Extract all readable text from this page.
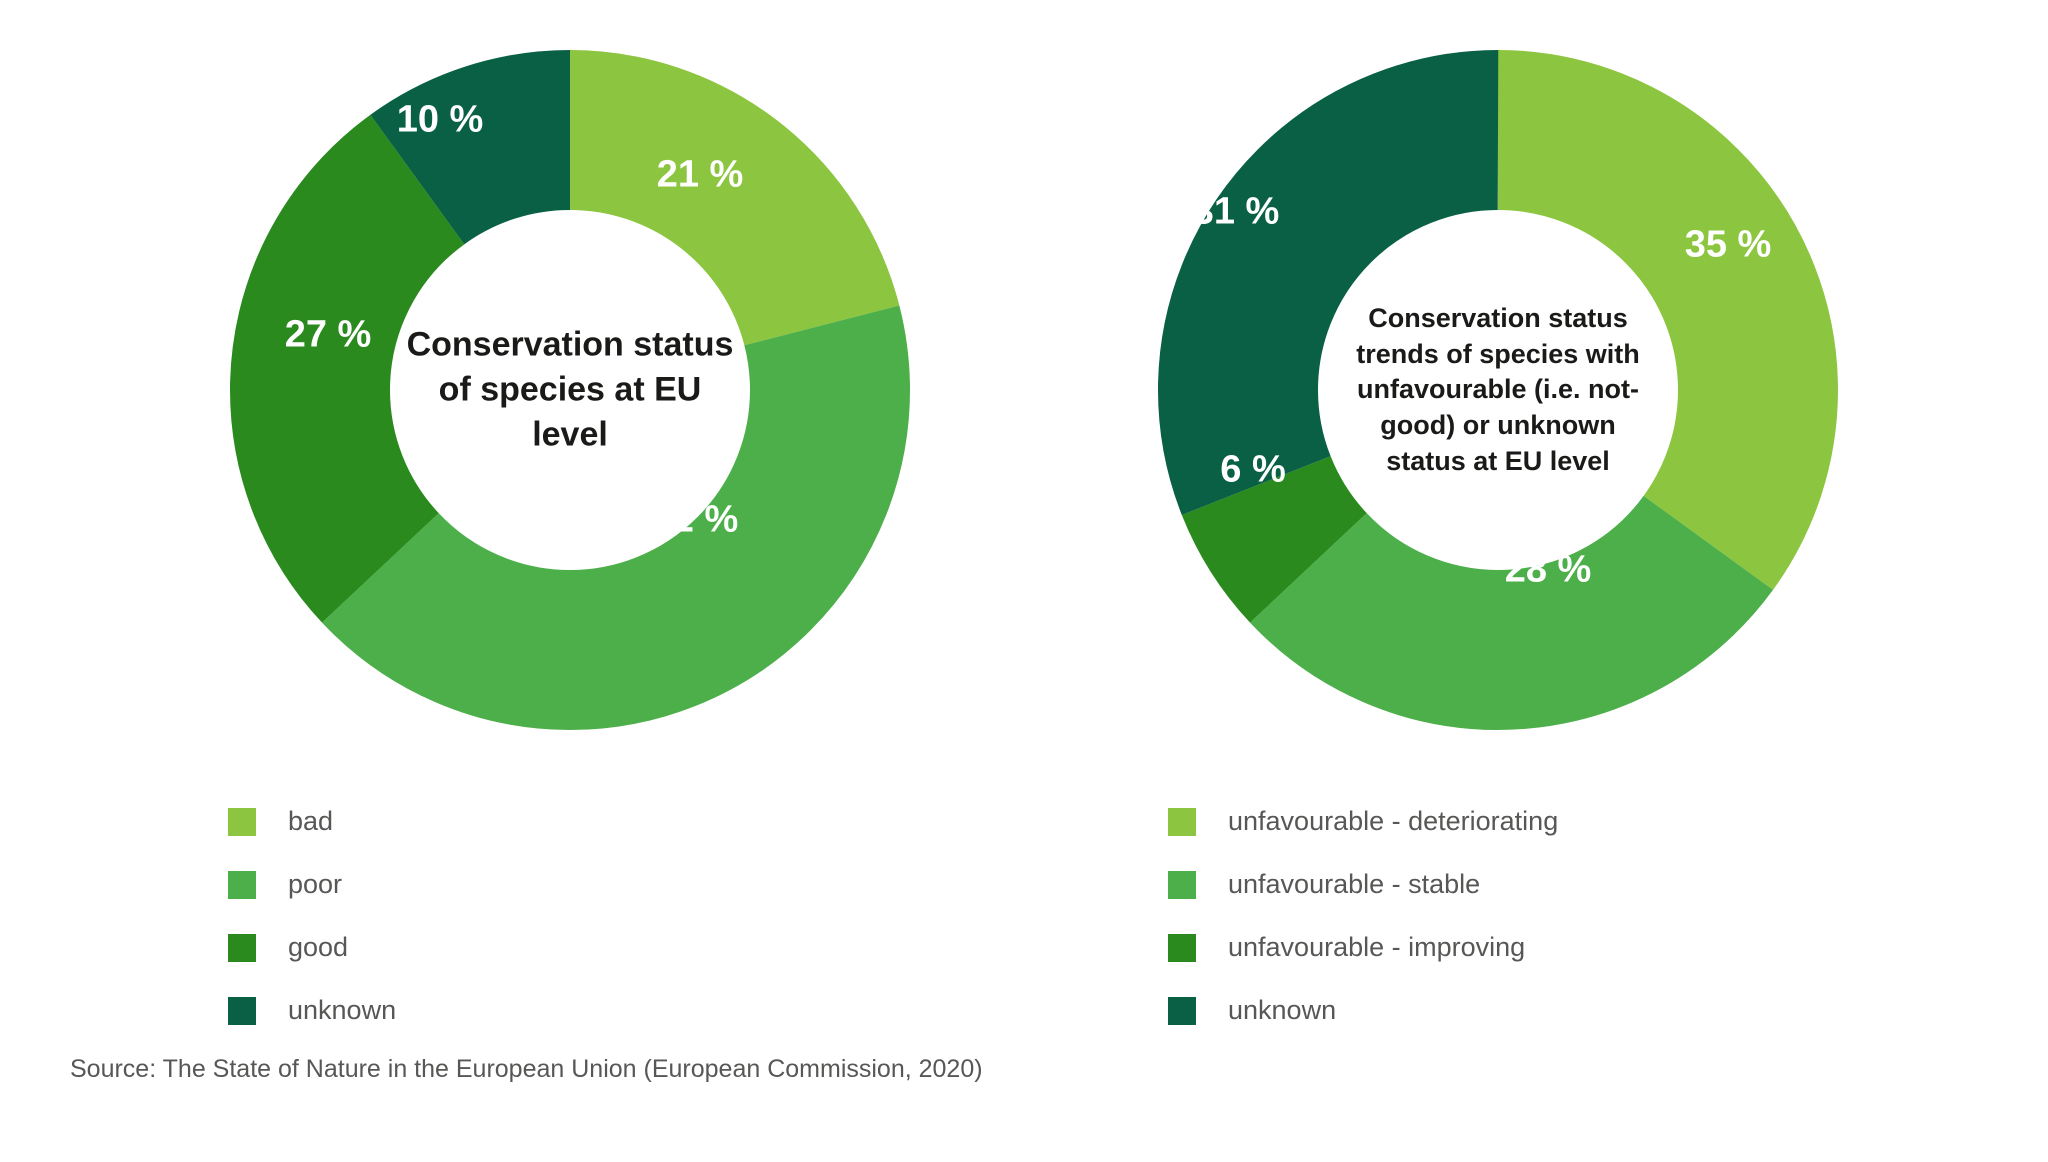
Conservation status of species at EU level
21 %
42 %
27 %
10 %
bad
poor
good
unknown
Conservation status trends of species with unfavourable (i.e. not-good) or unknown status at EU level
35 %
28 %
6 %
31 %
unfavourable - deteriorating
unfavourable - stable
unfavourable - improving
unknown
Source: The State of Nature in the European Union (European Commission, 2020)
